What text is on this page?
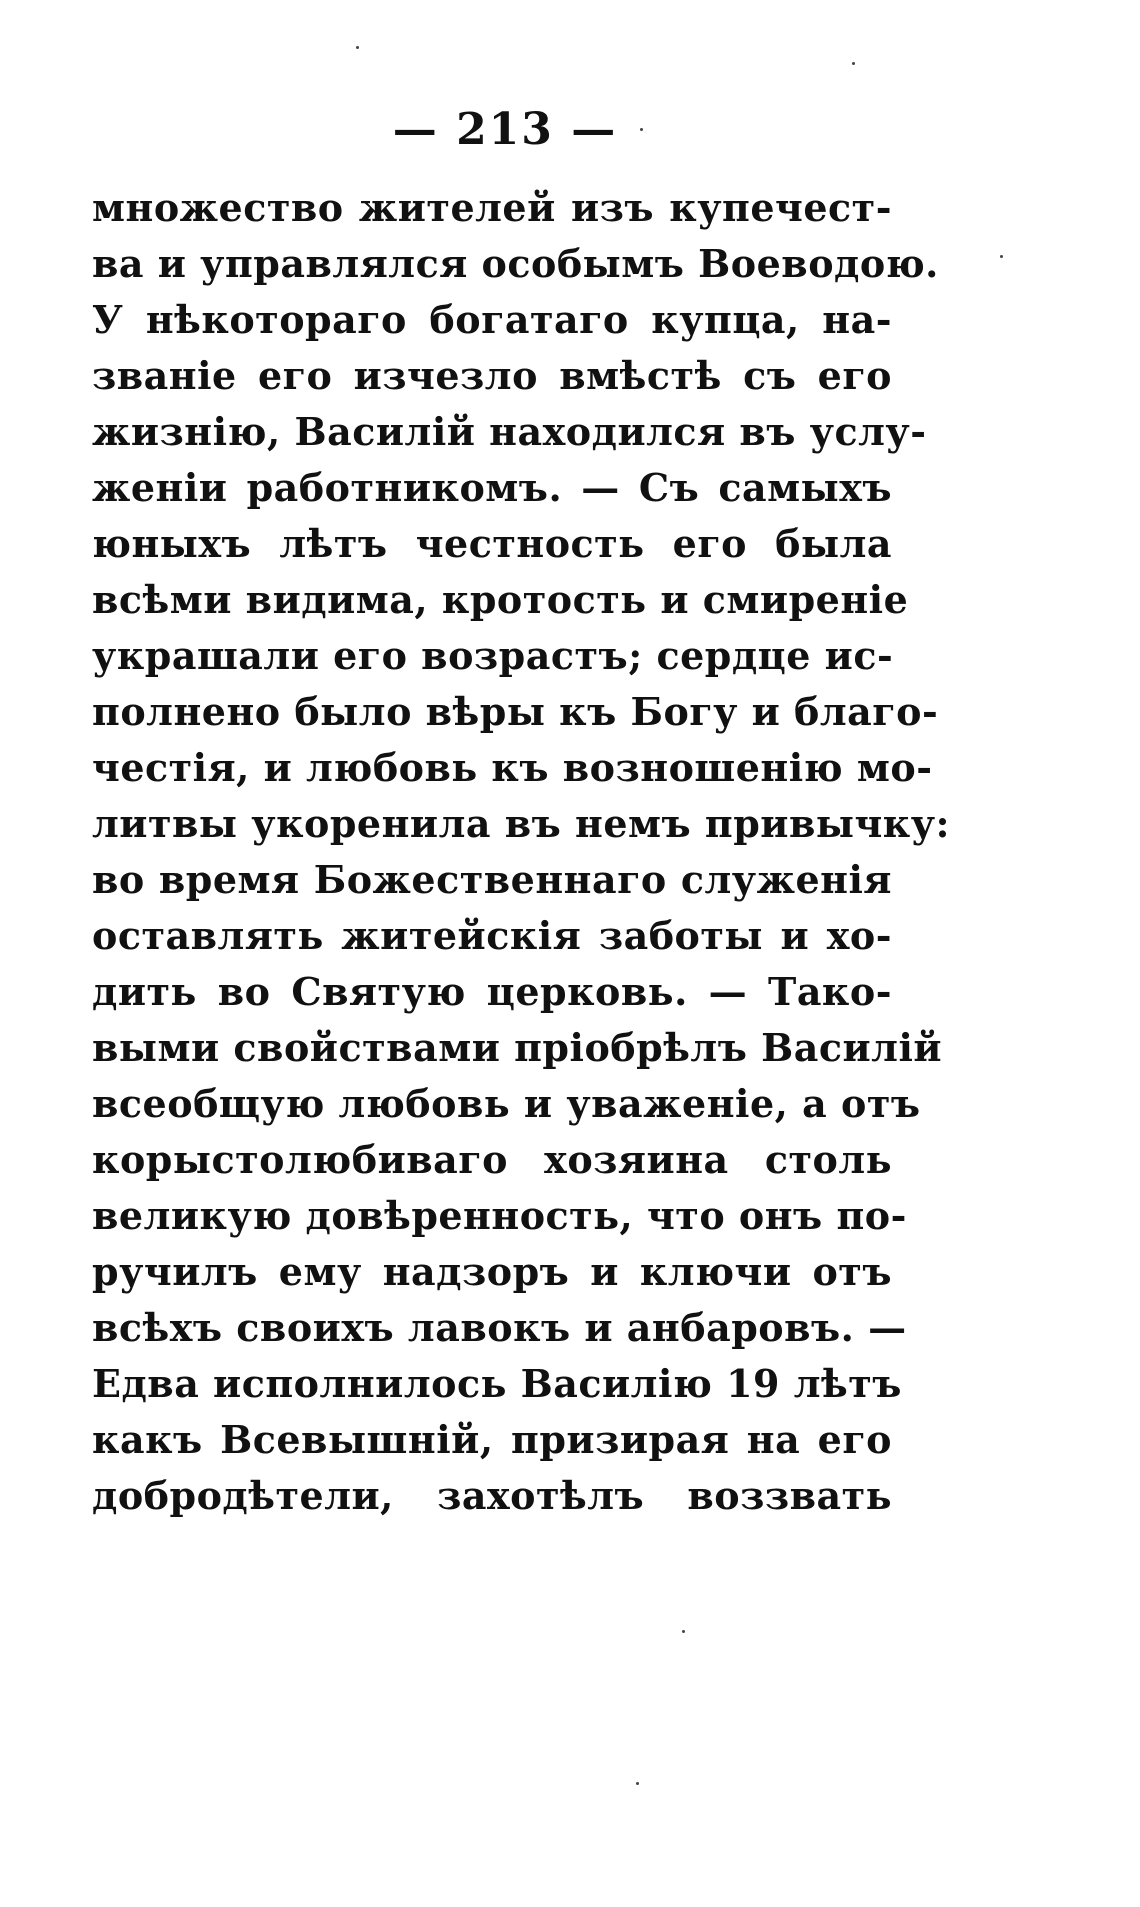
— 213 —
множество жителей изъ купечест-
ва и управлялся особымъ Воеводою.
У нѣкотораго богатаго купца, на-
званіе его изчезло вмѣстѣ съ его
жизнію, Василій находился въ услу-
женіи работникомъ. — Съ самыхъ
юныхъ лѣтъ честность его была
всѣми видима, кротость и смиреніе
украшали его возрастъ; сердце ис-
полнено было вѣры къ Богу и благо-
честія, и любовь къ возношенію мо-
литвы укоренила въ немъ привычку:
во время Божественнаго служенія
оставлять житейскія заботы и хо-
дить во Святую церковь. — Тако-
выми свойствами пріобрѣлъ Василій
всеобщую любовь и уваженіе, а отъ
корыстолюбиваго хозяина столь
великую довѣренность, что онъ по-
ручилъ ему надзоръ и ключи отъ
всѣхъ своихъ лавокъ и анбаровъ. —
Едва исполнилось Василію 19 лѣтъ
какъ Всевышній, призирая на его
добродѣтели, захотѣлъ воззвать
